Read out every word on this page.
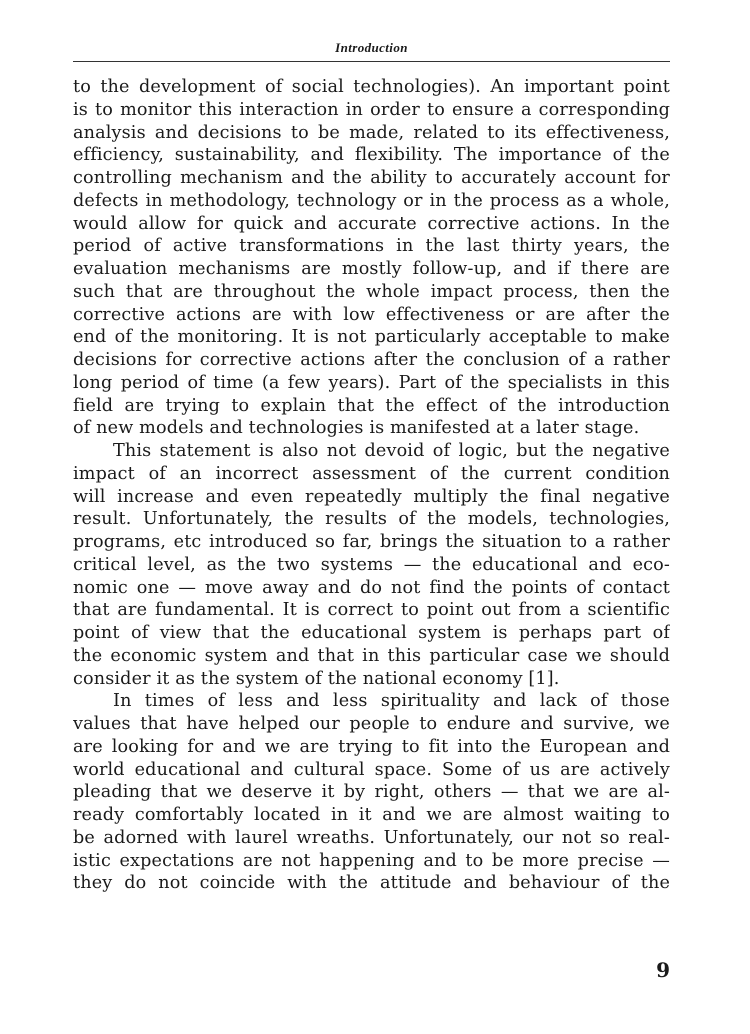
Introduction
to the development of social technologies). An important point
is to monitor this interaction in order to ensure a corresponding
analysis and decisions to be made, related to its effectiveness,
efficiency, sustainability, and flexibility. The importance of the
controlling mechanism and the ability to accurately account for
defects in methodology, technology or in the process as a whole,
would allow for quick and accurate corrective actions. In the
period of active transformations in the last thirty years, the
evaluation mechanisms are mostly follow-up, and if there are
such that are throughout the whole impact process, then the
corrective actions are with low effectiveness or are after the
end of the monitoring. It is not particularly acceptable to make
decisions for corrective actions after the conclusion of a rather
long period of time (a few years). Part of the specialists in this
field are trying to explain that the effect of the introduction
of new models and technologies is manifested at a later stage.
This statement is also not devoid of logic, but the negative
impact of an incorrect assessment of the current condition
will increase and even repeatedly multiply the final negative
result. Unfortunately, the results of the models, technologies,
programs, etc introduced so far, brings the situation to a rather
critical level, as the two systems — the educational and eco-
nomic one — move away and do not find the points of contact
that are fundamental. It is correct to point out from a scientific
point of view that the educational system is perhaps part of
the economic system and that in this particular case we should
consider it as the system of the national economy [1].
In times of less and less spirituality and lack of those
values that have helped our people to endure and survive, we
are looking for and we are trying to fit into the European and
world educational and cultural space. Some of us are actively
pleading that we deserve it by right, others — that we are al-
ready comfortably located in it and we are almost waiting to
be adorned with laurel wreaths. Unfortunately, our not so real-
istic expectations are not happening and to be more precise —
they do not coincide with the attitude and behaviour of the
9
